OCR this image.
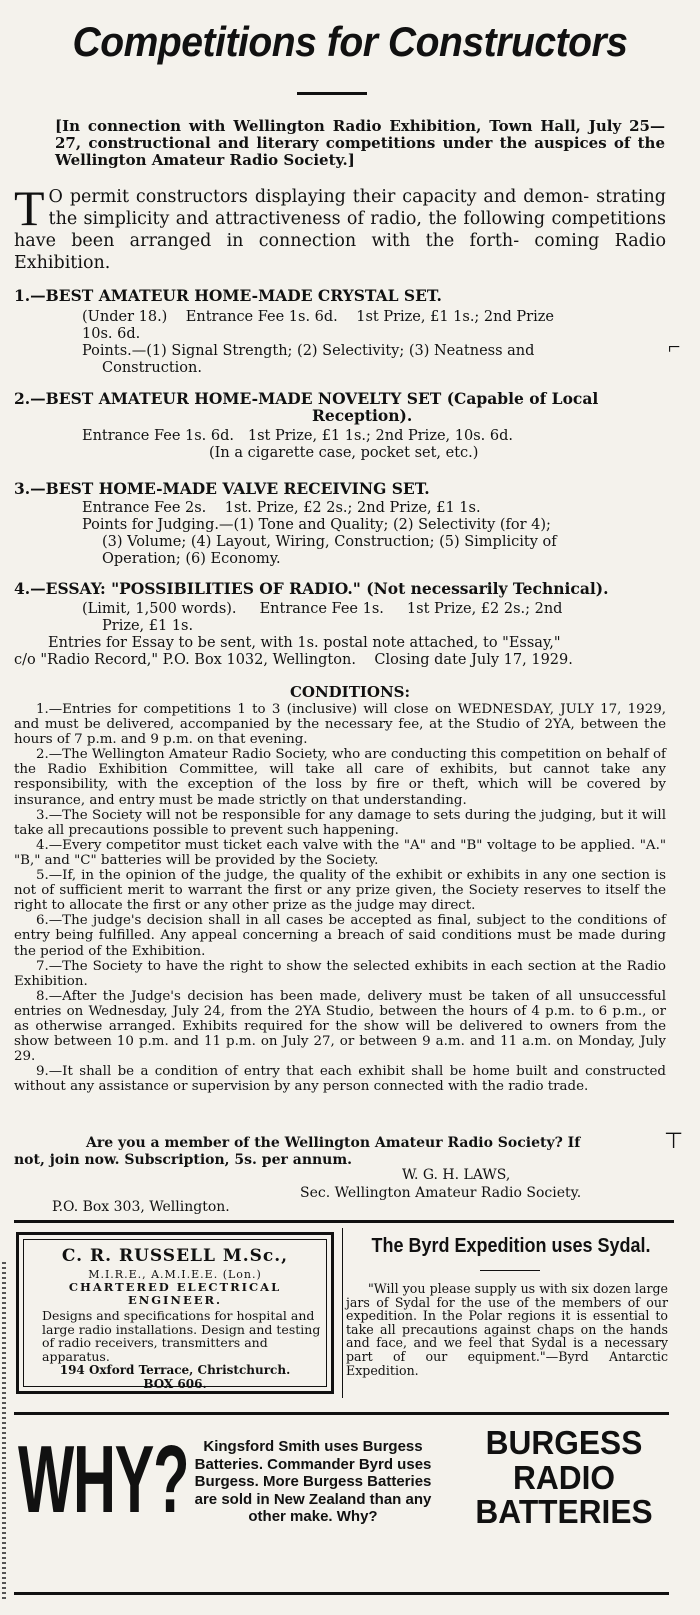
Competitions for Constructors
[In connection with Wellington Radio Exhibition, Town Hall, July 25—27, constructional and literary competitions under the auspices of the Wellington Amateur Radio Society.]
T O permit constructors displaying their capacity and demon- strating the simplicity and attractiveness of radio, the following competitions have been arranged in connection with the forth- coming Radio Exhibition.
1.—BEST AMATEUR HOME-MADE CRYSTAL SET.
(Under 18.)    Entrance Fee 1s. 6d.    1st Prize, £1 1s.; 2nd Prize
10s. 6d.
Points.—(1) Signal Strength; (2) Selectivity; (3) Neatness and
Construction.
2.—BEST AMATEUR HOME-MADE NOVELTY SET (Capable of Local
Reception).
Entrance Fee 1s. 6d.   1st Prize, £1 1s.; 2nd Prize, 10s. 6d.
(In a cigarette case, pocket set, etc.)
3.—BEST HOME-MADE VALVE RECEIVING SET.
Entrance Fee 2s.    1st. Prize, £2 2s.; 2nd Prize, £1 1s.
Points for Judging.—(1) Tone and Quality; (2) Selectivity (for 4);
(3) Volume; (4) Layout, Wiring, Construction; (5) Simplicity of
Operation; (6) Economy.
4.—ESSAY: "POSSIBILITIES OF RADIO." (Not necessarily Technical).
(Limit, 1,500 words).     Entrance Fee 1s.     1st Prize, £2 2s.; 2nd
Prize, £1 1s.
Entries for Essay to be sent, with 1s. postal note attached, to "Essay,"
c/o "Radio Record," P.O. Box 1032, Wellington.    Closing date July 17, 1929.
CONDITIONS:

1.—Entries for competitions 1 to 3 (inclusive) will close on WEDNESDAY, JULY 17, 1929, and must be delivered, accompanied by the necessary fee, at the Studio of 2YA, between the hours of 7 p.m. and 9 p.m. on that evening.

2.—The Wellington Amateur Radio Society, who are conducting this competition on behalf of the Radio Exhibition Committee, will take all care of exhibits, but cannot take any responsibility, with the exception of the loss by fire or theft, which will be covered by insurance, and entry must be made strictly on that understanding.

3.—The Society will not be responsible for any damage to sets during the judging, but it will take all precautions possible to prevent such happening.

4.—Every competitor must ticket each valve with the "A" and "B" voltage to be applied. "A." "B," and "C" batteries will be provided by the Society.

5.—If, in the opinion of the judge, the quality of the exhibit or exhibits in any one section is not of sufficient merit to warrant the first or any prize given, the Society reserves to itself the right to allocate the first or any other prize as the judge may direct.

6.—The judge's decision shall in all cases be accepted as final, subject to the conditions of entry being fulfilled. Any appeal concerning a breach of said conditions must be made during the period of the Exhibition.

7.—The Society to have the right to show the selected exhibits in each section at the Radio Exhibition.

8.—After the Judge's decision has been made, delivery must be taken of all unsuccessful entries on Wednesday, July 24, from the 2YA Studio, between the hours of 4 p.m. to 6 p.m., or as otherwise arranged. Exhibits required for the show will be delivered to owners from the show between 10 p.m. and 11 p.m. on July 27, or between 9 a.m. and 11 a.m. on Monday, July 29.

9.—It shall be a condition of entry that each exhibit shall be home built and constructed without any assistance or supervision by any person connected with the radio trade.

Are you a member of the Wellington Amateur Radio Society? If
not, join now. Subscription, 5s. per annum.
W. G. H. LAWS,
Sec. Wellington Amateur Radio Society.
P.O. Box 303, Wellington.
C. R. RUSSELL M.Sc.,
M.I.R.E., A.M.I.E.E. (Lon.)
CHARTERED ELECTRICAL
ENGINEER.
Designs and specifications for hospital and large radio installations. Design and testing of radio receivers, transmitters and apparatus.
194 Oxford Terrace, Christchurch.
BOX 606.
The Byrd Expedition uses Sydal.
"Will you please supply us with six dozen large jars of Sydal for the use of the members of our expedition. In the Polar regions it is essential to take all precautions against chaps on the hands and face, and we feel that Sydal is a necessary part of our equipment."—Byrd Antarctic Expedition.
WHY?	Kingsford Smith uses Burgess Batteries. Commander Byrd uses Burgess. More Burgess Batteries are sold in New Zealand than any other make. Why?
BURGESS
RADIO
BATTERIES
⌐
⊤
